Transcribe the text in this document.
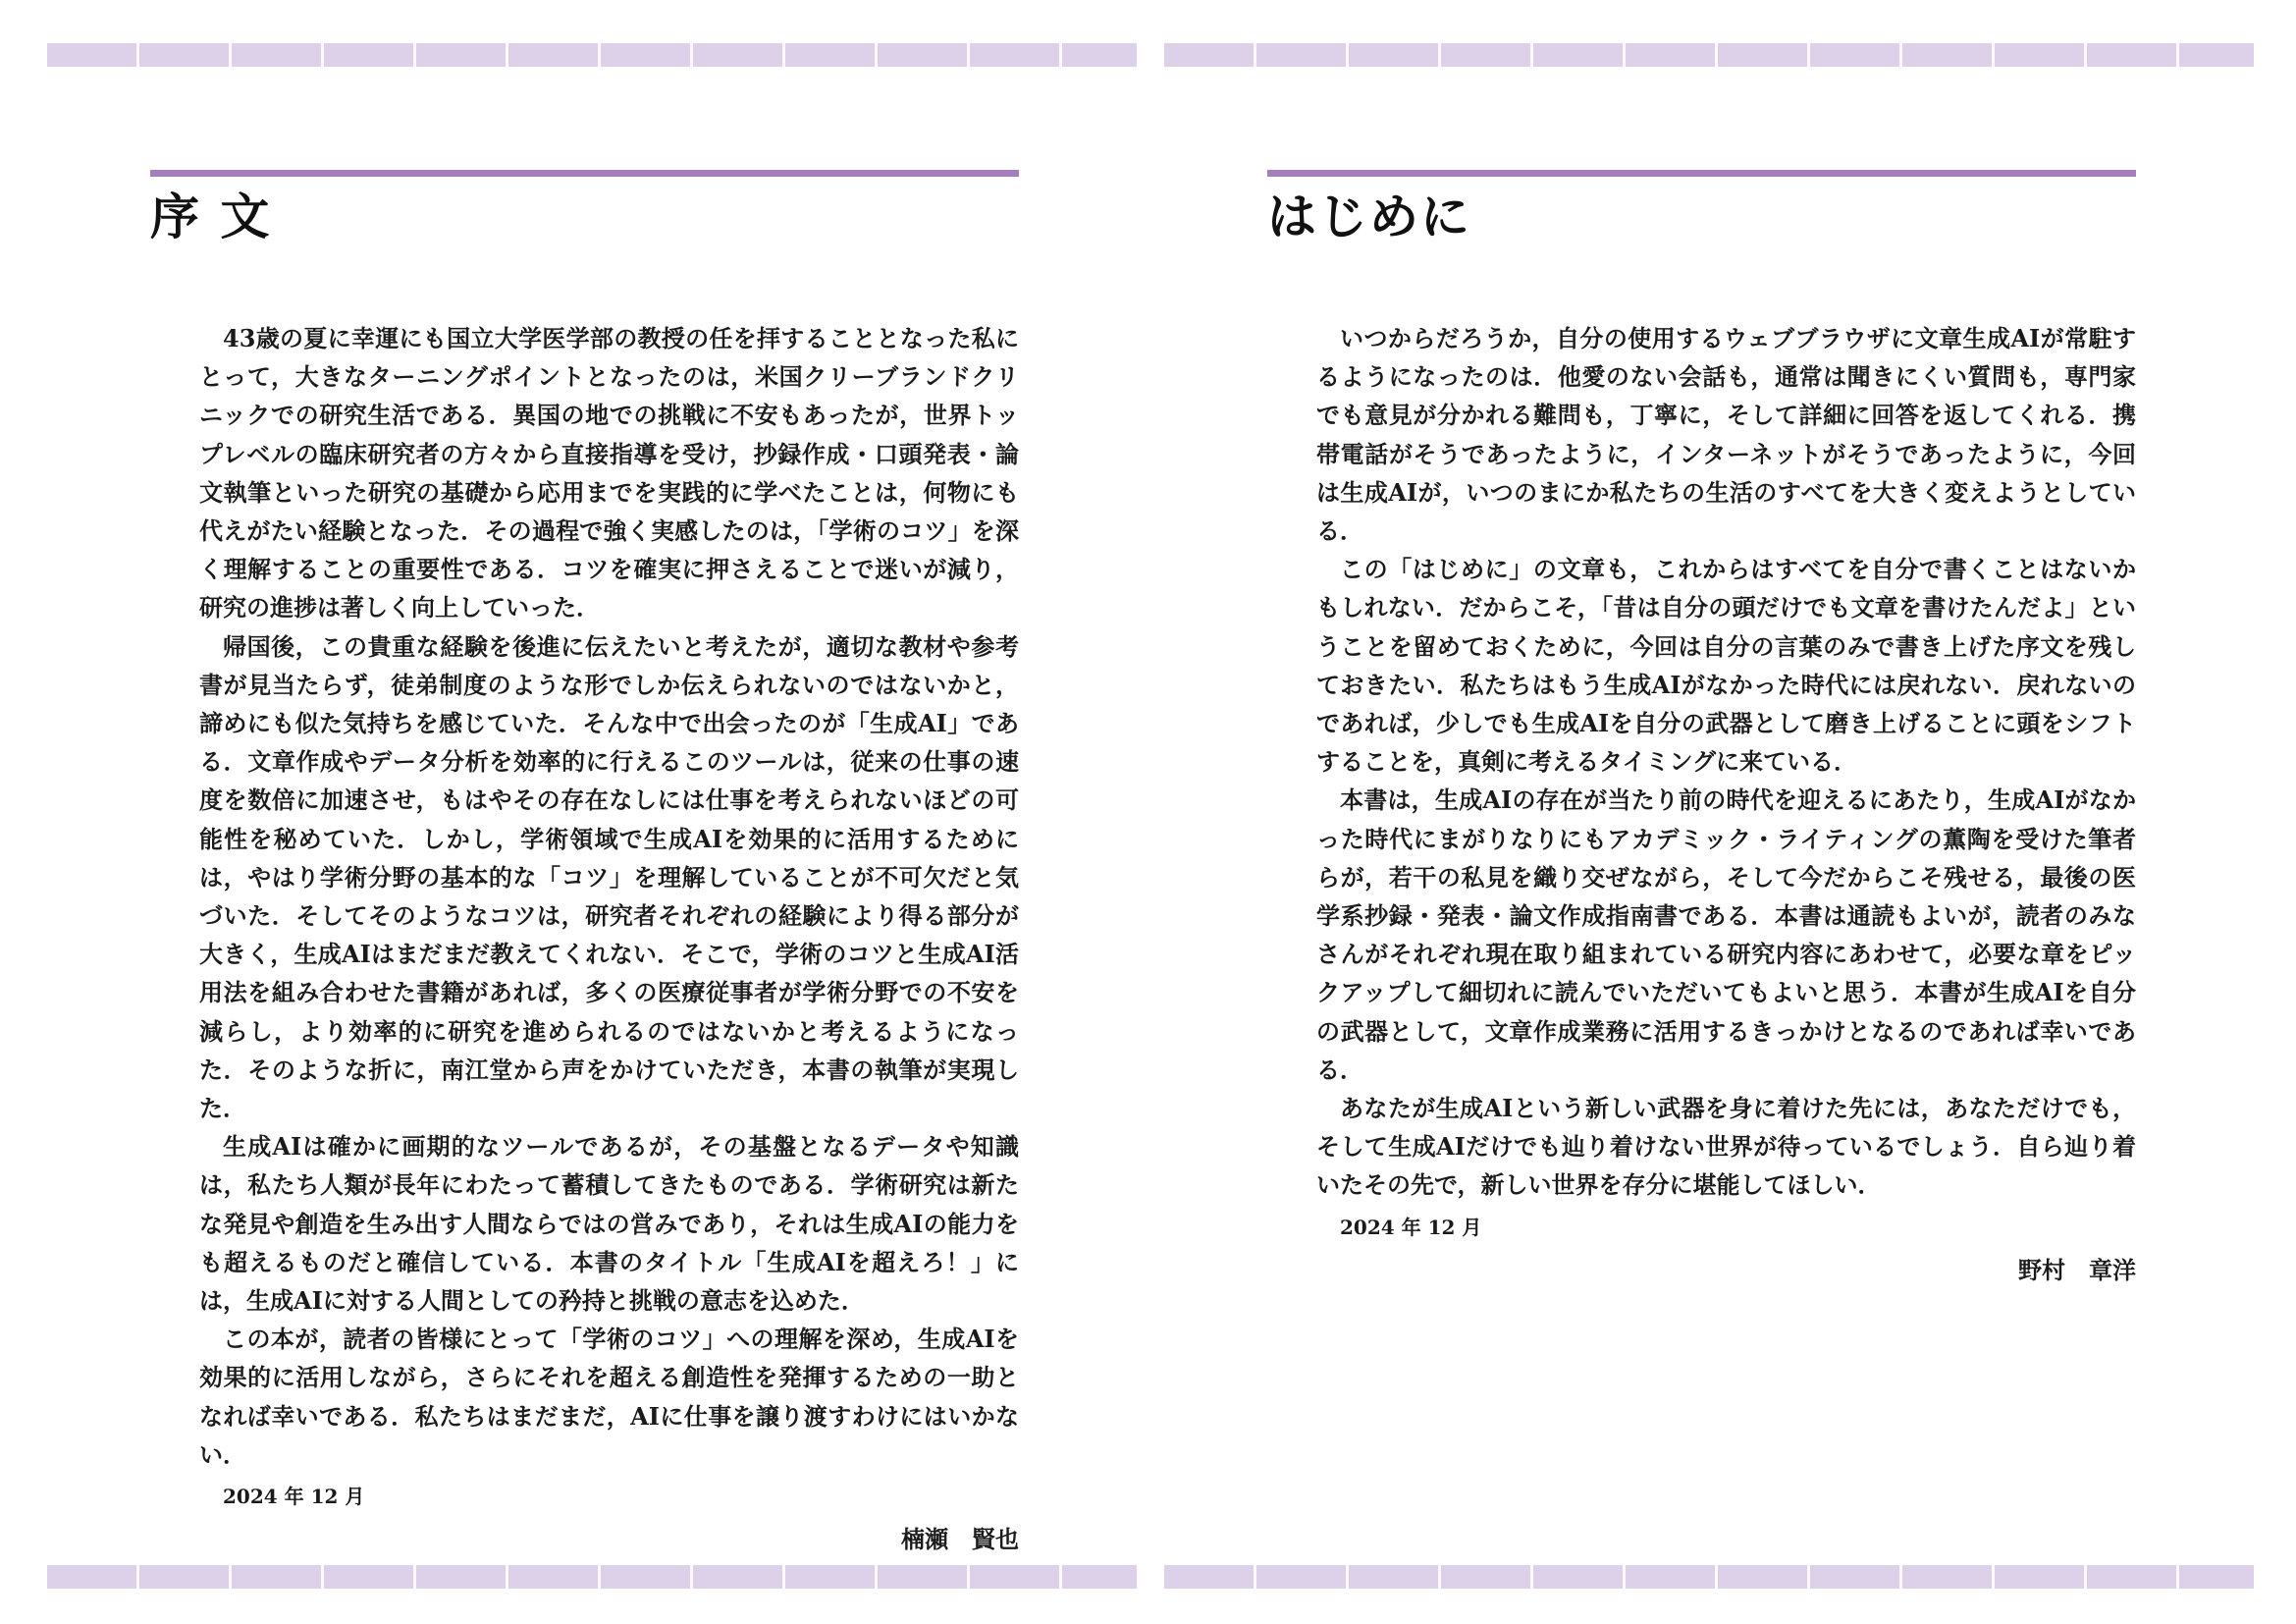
序 文

43歳の夏に幸運にも国立大学医学部の教授の任を拝することとなった私にとって，大きなターニングポイントとなったのは，米国クリーブランドクリニックでの研究生活である．異国の地での挑戦に不安もあったが，世界トップレベルの臨床研究者の方々から直接指導を受け，抄録作成・口頭発表・論文執筆といった研究の基礎から応用までを実践的に学べたことは，何物にも代えがたい経験となった．その過程で強く実感したのは，「学術のコツ」を深く理解することの重要性である．コツを確実に押さえることで迷いが減り，研究の進捗は著しく向上していった．

帰国後，この貴重な経験を後進に伝えたいと考えたが，適切な教材や参考書が見当たらず，徒弟制度のような形でしか伝えられないのではないかと，諦めにも似た気持ちを感じていた．そんな中で出会ったのが「生成AI」である．文章作成やデータ分析を効率的に行えるこのツールは，従来の仕事の速度を数倍に加速させ，もはやその存在なしには仕事を考えられないほどの可能性を秘めていた．しかし，学術領域で生成AIを効果的に活用するためには，やはり学術分野の基本的な「コツ」を理解していることが不可欠だと気づいた．そしてそのようなコツは，研究者それぞれの経験により得る部分が大きく，生成AIはまだまだ教えてくれない．そこで，学術のコツと生成AI活用法を組み合わせた書籍があれば，多くの医療従事者が学術分野での不安を減らし，より効率的に研究を進められるのではないかと考えるようになった．そのような折に，南江堂から声をかけていただき，本書の執筆が実現した．

生成AIは確かに画期的なツールであるが，その基盤となるデータや知識は，私たち人類が長年にわたって蓄積してきたものである．学術研究は新たな発見や創造を生み出す人間ならではの営みであり，それは生成AIの能力をも超えるものだと確信している．本書のタイトル「生成AIを超えろ！」には，生成AIに対する人間としての矜持と挑戦の意志を込めた．

この本が，読者の皆様にとって「学術のコツ」への理解を深め，生成AIを効果的に活用しながら，さらにそれを超える創造性を発揮するための一助となれば幸いである．私たちはまだまだ，AIに仕事を譲り渡すわけにはいかない．

2024 年 12 月
楠瀬　賢也
はじめに

いつからだろうか，自分の使用するウェブブラウザに文章生成AIが常駐するようになったのは．他愛のない会話も，通常は聞きにくい質問も，専門家でも意見が分かれる難問も，丁寧に，そして詳細に回答を返してくれる．携帯電話がそうであったように，インターネットがそうであったように，今回は生成AIが，いつのまにか私たちの生活のすべてを大きく変えようとしている．

この「はじめに」の文章も，これからはすべてを自分で書くことはないかもしれない．だからこそ，「昔は自分の頭だけでも文章を書けたんだよ」ということを留めておくために，今回は自分の言葉のみで書き上げた序文を残しておきたい．私たちはもう生成AIがなかった時代には戻れない．戻れないのであれば，少しでも生成AIを自分の武器として磨き上げることに頭をシフトすることを，真剣に考えるタイミングに来ている．

本書は，生成AIの存在が当たり前の時代を迎えるにあたり，生成AIがなかった時代にまがりなりにもアカデミック・ライティングの薫陶を受けた筆者らが，若干の私見を織り交ぜながら，そして今だからこそ残せる，最後の医学系抄録・発表・論文作成指南書である．本書は通読もよいが，読者のみなさんがそれぞれ現在取り組まれている研究内容にあわせて，必要な章をピックアップして細切れに読んでいただいてもよいと思う．本書が生成AIを自分の武器として，文章作成業務に活用するきっかけとなるのであれば幸いである．

あなたが生成AIという新しい武器を身に着けた先には，あなただけでも，そして生成AIだけでも辿り着けない世界が待っているでしょう．自ら辿り着いたその先で，新しい世界を存分に堪能してほしい．

2024 年 12 月
野村　章洋
